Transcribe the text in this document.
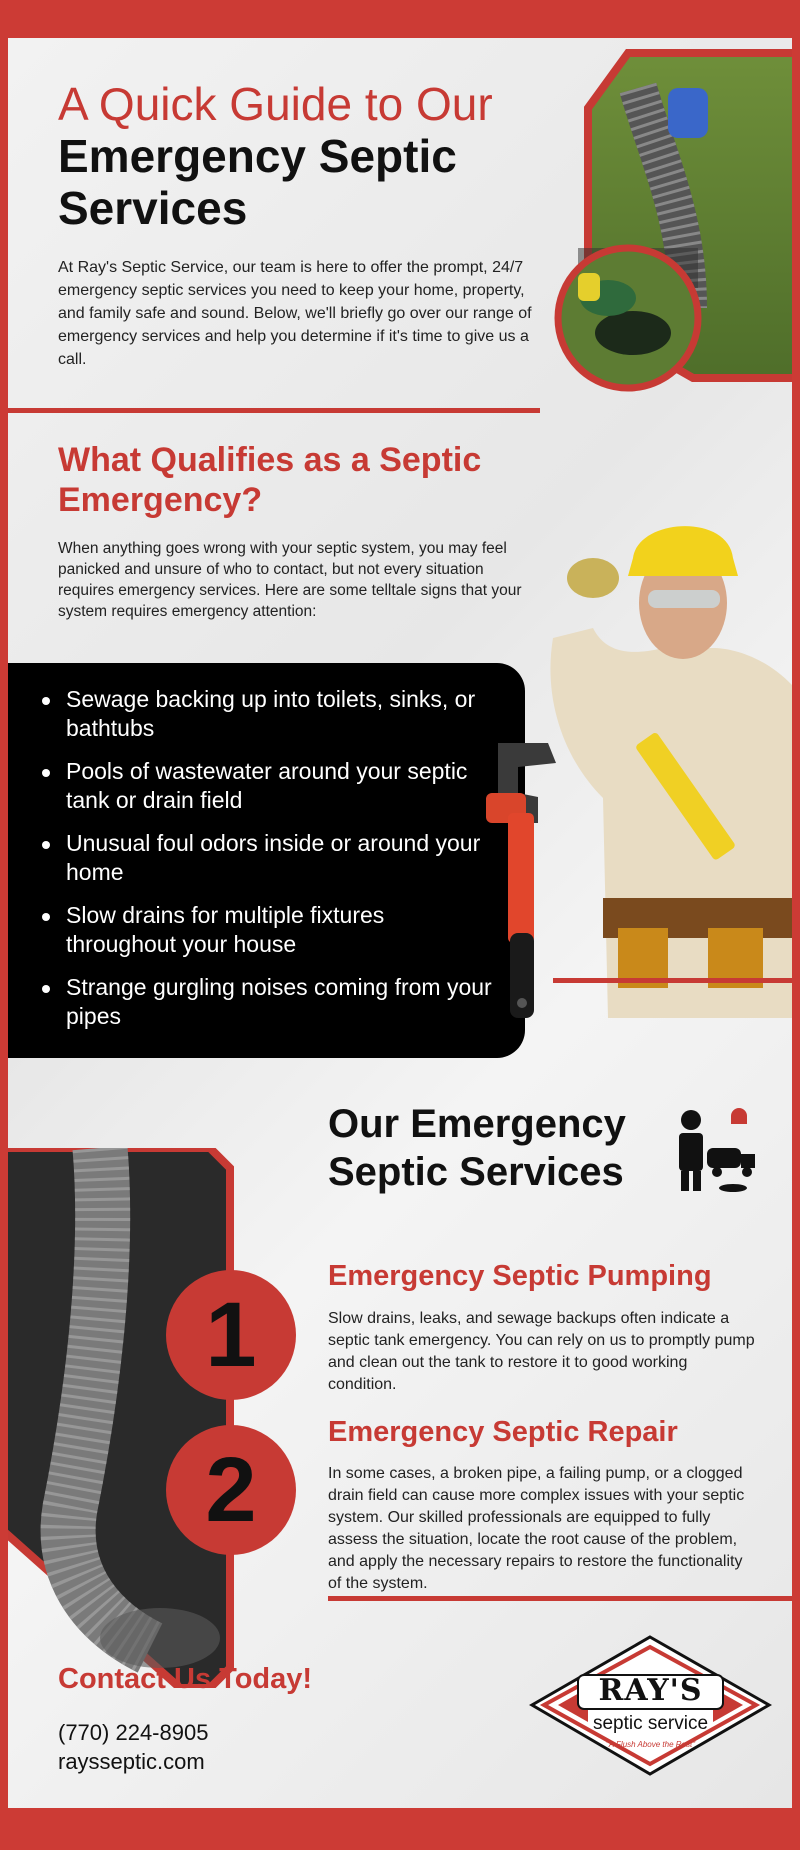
A Quick Guide to Our
Emergency Septic Services
At Ray's Septic Service, our team is here to offer the prompt, 24/7 emergency septic services you need to keep your home, property, and family safe and sound. Below, we'll briefly go over our range of emergency services and help you determine if it's time to give us a call.
What Qualifies as a Septic Emergency?
When anything goes wrong with your septic system, you may feel panicked and unsure of who to contact, but not every situation requires emergency services. Here are some telltale signs that your system requires emergency attention:
Sewage backing up into toilets, sinks, or bathtubs
Pools of wastewater around your septic tank or drain field
Unusual foul odors inside or around your home
Slow drains for multiple fixtures throughout your house
Strange gurgling noises coming from your pipes
Our Emergency Septic Services
1
2
Emergency Septic Pumping
Slow drains, leaks, and sewage backups often indicate a septic tank emergency. You can rely on us to promptly pump and clean out the tank to restore it to good working condition.
Emergency Septic Repair
In some cases, a broken pipe, a failing pump, or a clogged drain field can cause more complex issues with your septic system. Our skilled professionals are equipped to fully assess the situation, locate the root cause of the problem, and apply the necessary repairs to restore the functionality of the system.
Contact Us Today!
(770) 224-8905
raysseptic.com
RAY'S
septic service
"A Flush Above the Rest"
